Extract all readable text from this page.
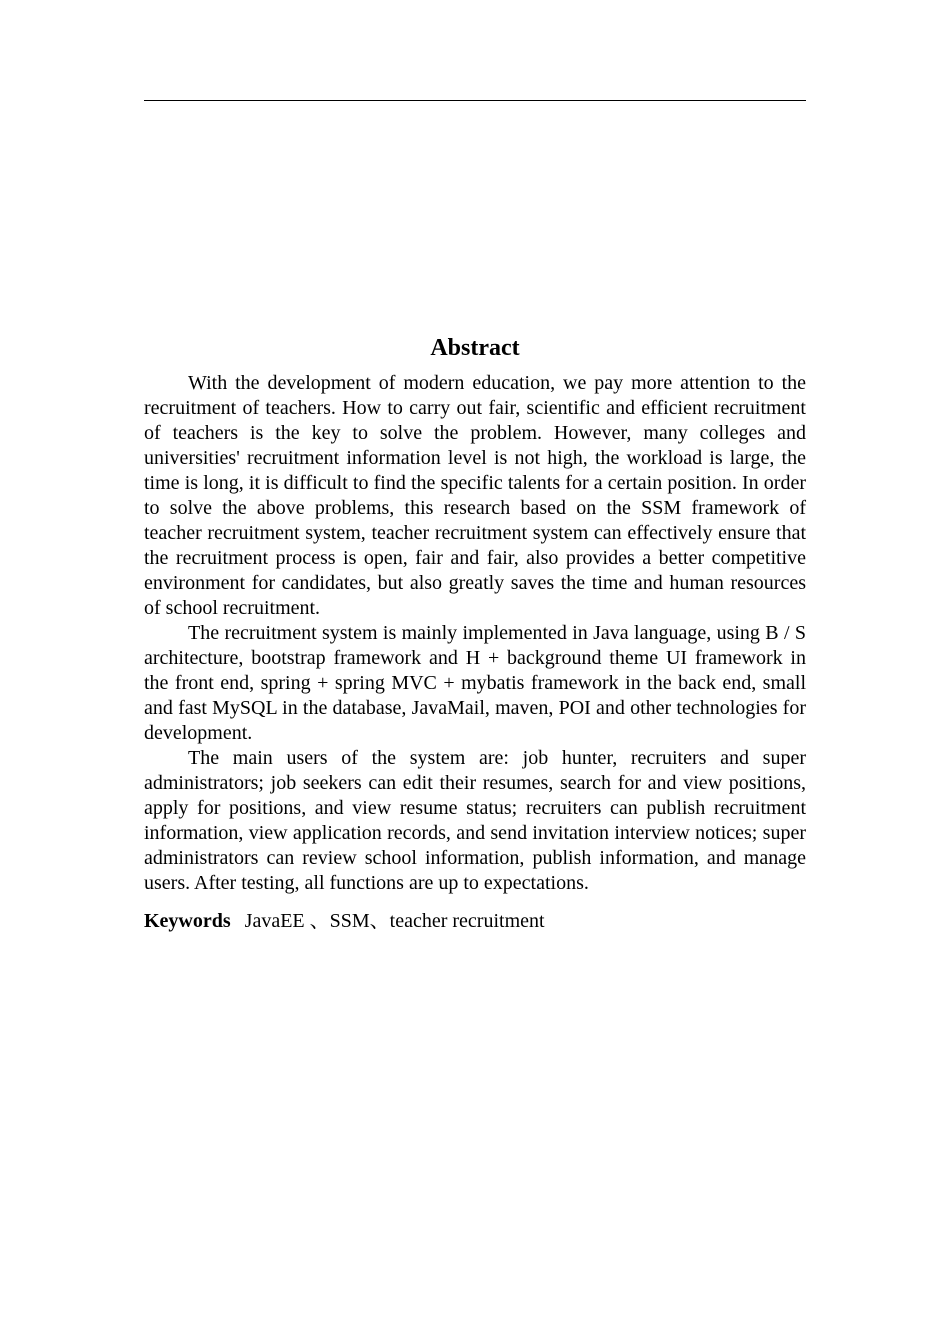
Abstract

With the development of modern education, we pay more attention to the recruitment of teachers. How to carry out fair, scientific and efficient recruitment of teachers is the key to solve the problem. However, many colleges and universities' recruitment information level is not high, the workload is large, the time is long, it is difficult to find the specific talents for a certain position. In order to solve the above problems, this research based on the SSM framework of teacher recruitment system, teacher recruitment system can effectively ensure that the recruitment process is open, fair and fair, also provides a better competitive environment for candidates, but also greatly saves the time and human resources of school recruitment.

The recruitment system is mainly implemented in Java language, using B / S architecture, bootstrap framework and H + background theme UI framework in the front end, spring + spring MVC + mybatis framework in the back end, small and fast MySQL in the database, JavaMail, maven, POI and other technologies for development.

The main users of the system are: job hunter, recruiters and super administrators; job seekers can edit their resumes, search for and view positions, apply for positions, and view resume status; recruiters can publish recruitment information, view application records, and send invitation interview notices; super administrators can review school information, publish information, and manage users. After testing, all functions are up to expectations.

Keywords JavaEE 、SSM、teacher recruitment
